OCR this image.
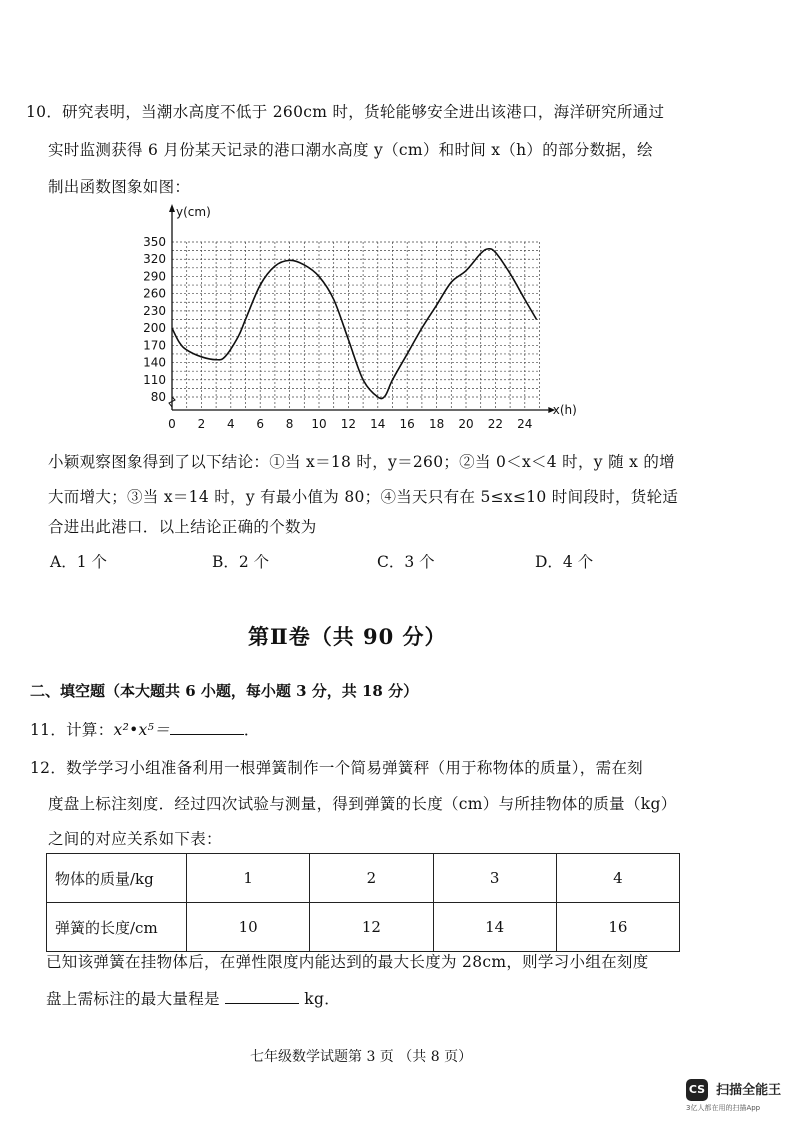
10．研究表明，当潮水高度不低于 260cm 时，货轮能够安全进出该港口，海洋研究所通过
实时监测获得 6 月份某天记录的港口潮水高度 y（cm）和时间 x（h）的部分数据，绘
制出函数图象如图：
0 2 4 6 8 10 12 14 16 18 20 22 24
80
110
140
170
200
230
260
290
320
350
y(cm)
x(h)
小颖观察图象得到了以下结论：①当 x＝18 时，y＝260；②当 0＜x＜4 时，y 随 x 的增
大而增大；③当 x＝14 时，y 有最小值为 80；④当天只有在 5≤x≤10 时间段时，货轮适
合进出此港口．以上结论正确的个数为
A．1 个	B．2 个	C．3 个	D．4 个
第Ⅱ卷（共 90 分）
二、填空题（本大题共 6 小题，每小题 3 分，共 18 分）
11．计算：x²•x⁵＝	．
12．数学学习小组准备利用一根弹簧制作一个简易弹簧秤（用于称物体的质量），需在刻
度盘上标注刻度．经过四次试验与测量，得到弹簧的长度（cm）与所挂物体的质量（kg）
之间的对应关系如下表：
物体的质量/kg	1	2	3	4
弹簧的长度/cm	10	12	14	16
已知该弹簧在挂物体后，在弹性限度内能达到的最大长度为 28cm，则学习小组在刻度
盘上需标注的最大量程是	kg．
七年级数学试题第 3 页 （共 8 页）
CS 扫描全能王
3亿人都在用的扫描App
